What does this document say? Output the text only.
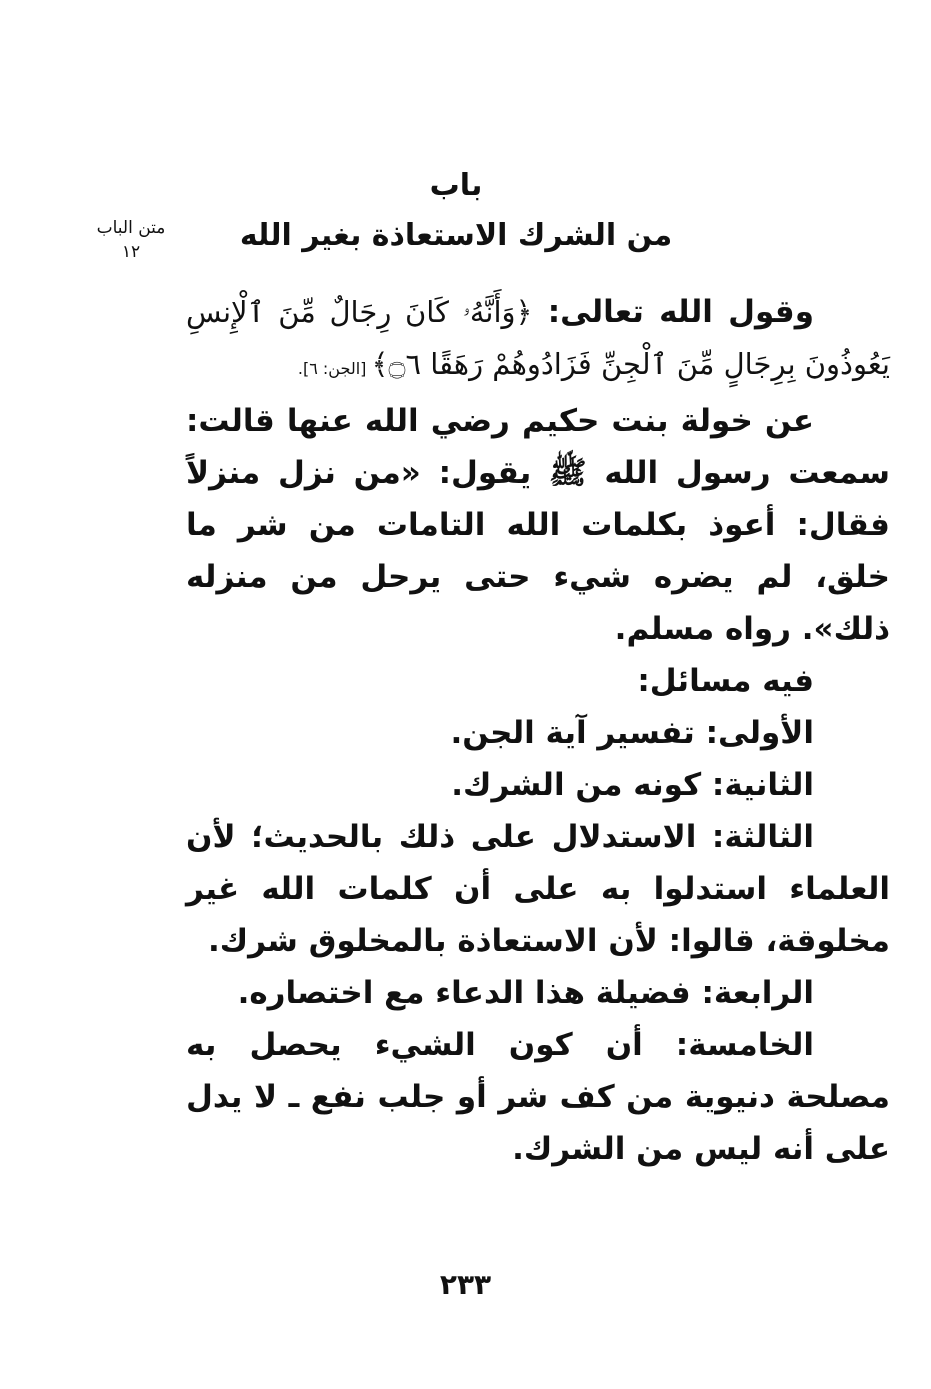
باب
من الشرك الاستعاذة بغير الله
متن الباب
١٢

وقول الله تعالى: ﴿وَأَنَّهُۥ كَانَ رِجَالٌ مِّنَ ٱلْإِنسِ يَعُوذُونَ بِرِجَالٍ مِّنَ ٱلْجِنِّ فَزَادُوهُمْ رَهَقًا ۝٦﴾ [الجن: ٦].

عن خولة بنت حكيم رضي الله عنها قالت: سمعت رسول الله ﷺ يقول: «من نزل منزلاً فقال: أعوذ بكلمات الله التامات من شر ما خلق، لم يضره شيء حتى يرحل من منزله ذلك». رواه مسلم.

فيه مسائل:

الأولى: تفسير آية الجن.

الثانية: كونه من الشرك.

الثالثة: الاستدلال على ذلك بالحديث؛ لأن العلماء استدلوا به على أن كلمات الله غير مخلوقة، قالوا: لأن الاستعاذة بالمخلوق شرك.

الرابعة: فضيلة هذا الدعاء مع اختصاره.

الخامسة: أن كون الشيء يحصل به مصلحة دنيوية من كف شر أو جلب نفع ـ لا يدل على أنه ليس من الشرك.

٢٣٣
